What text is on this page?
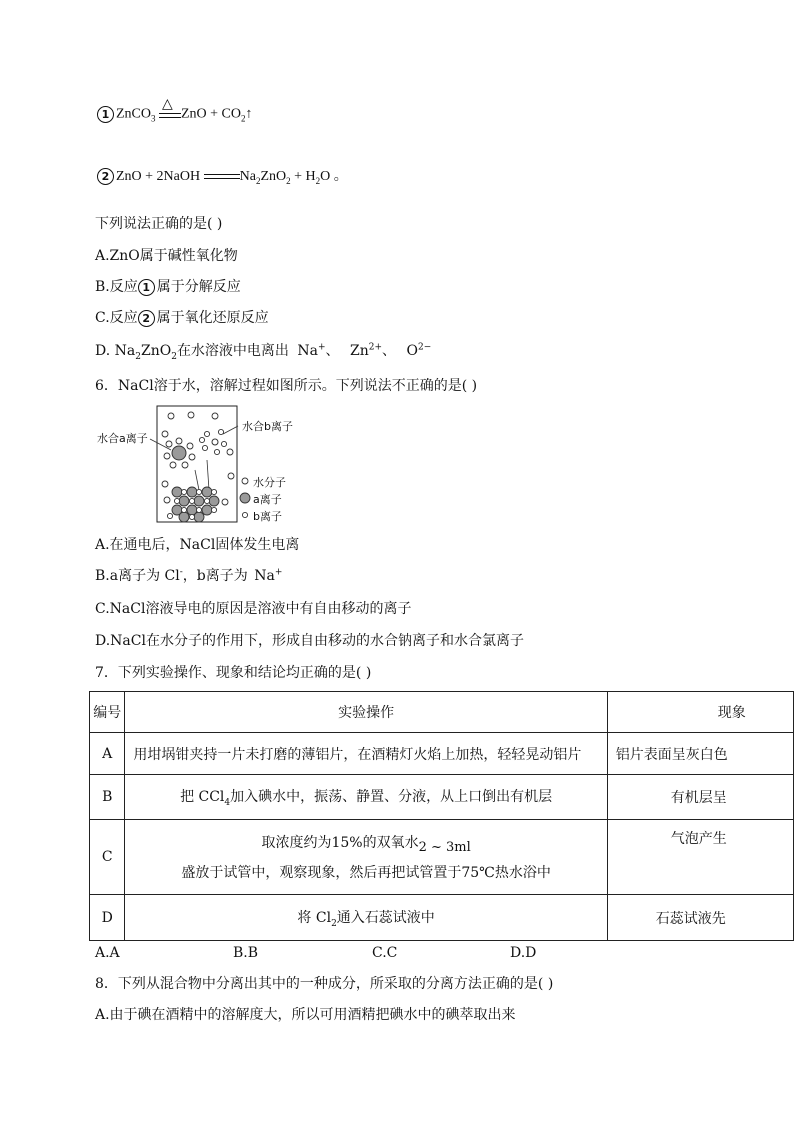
1 ZnCO$_3$
△
ZnO + $CO_2↑$
2 ZnO + 2NaOH	$Na_2ZnO_2 + H_2O$ 。
下列说法正确的是( )
A.ZnO属于碱性氧化物
B.反应 1 属于分解反应
C.反应 2 属于氧化还原反应
D. $Na_2ZnO_2$在水溶液中电离出 Na+、 $Zn^{2+}$、 $O^{2-}$
6．NaCl溶于水，溶解过程如图所示。下列说法不正确的是( )
水合a离子
水合b离子
水分子
a离子
b离子
A.在通电后，NaCl固体发生电离
B.a离子为 Cl-，b离子为 Na+
C.NaCl溶液导电的原因是溶液中有自由移动的离子
D.NaCl在水分子的作用下，形成自由移动的水合钠离子和水合氯离子
7．下列实验操作、现象和结论均正确的是( )
编号	实验操作	现象
A	用坩埚钳夹持一片未打磨的薄铝片，在酒精灯火焰上加热，轻轻晃动铝片	铝片表面呈灰白色
B	把 CCl$_4$加入碘水中，振荡、静置、分液，从上口倒出有机层	有机层呈
C	取浓度约为15%的双氧水2 ~ 3ml
盛放于试管中，观察现象，然后再把试管置于75℃热水浴中	气泡产生
D	将 $Cl_2$通入石蕊试液中	石蕊试液先
A.A	B.B	C.C	D.D
8．下列从混合物中分离出其中的一种成分，所采取的分离方法正确的是( )
A.由于碘在酒精中的溶解度大，所以可用酒精把碘水中的碘萃取出来
